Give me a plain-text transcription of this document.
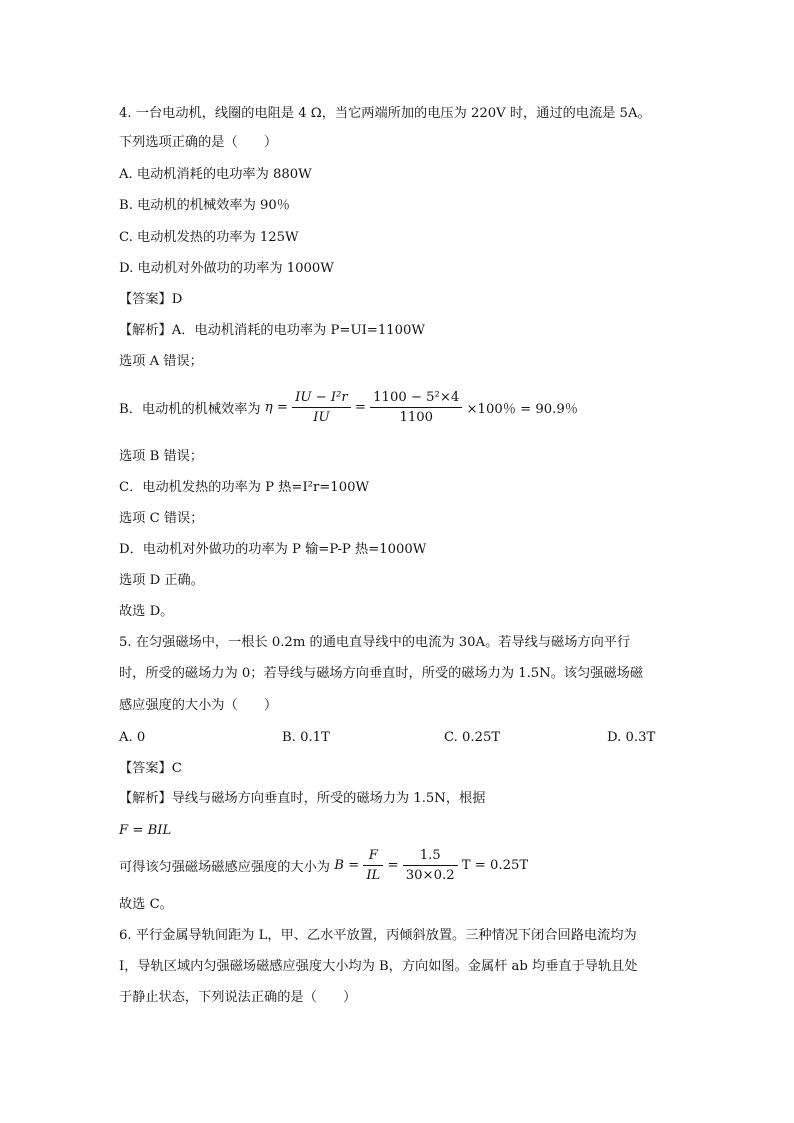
4. 一台电动机，线圈的电阻是 4 Ω，当它两端所加的电压为 220V 时，通过的电流是 5A。
下列选项正确的是（　　）
A. 电动机消耗的电功率为 880W
B. 电动机的机械效率为 90％
C. 电动机发热的功率为 125W
D. 电动机对外做功的功率为 1000W
【答案】D
【解析】A．电动机消耗的电功率为 P=UI=1100W
选项 A 错误；
B．电动机的机械效率为 $\eta = \frac{\text{IU − I²r}}{IU} = \frac{\text{1100 − 5²×4}}{1100} \times 100$％ = 90.9％
选项 B 错误；
C．电动机发热的功率为 P 热=I²r=100W
选项 C 错误；
D．电动机对外做功的功率为 P 输=P-P 热=1000W
选项 D 正确。
故选 D。
5. 在匀强磁场中，一根长 0.2m 的通电直导线中的电流为 30A。若导线与磁场方向平行
时，所受的磁场力为 0；若导线与磁场方向垂直时，所受的磁场力为 1.5N。该匀强磁场磁
感应强度的大小为（　　）
A. 0	B. 0.1T	C. 0.25T	D. 0.3T
【答案】C
【解析】导线与磁场方向垂直时，所受的磁场力为 1.5N，根据
F = BIL
可得该匀强磁场磁感应强度的大小为 $B = \frac{F}{IL} = \frac{1.5}{30\times 0.2}$ T = 0.25T
故选 C。
6. 平行金属导轨间距为 L，甲、乙水平放置，丙倾斜放置。三种情况下闭合回路电流均为
I，导轨区域内匀强磁场磁感应强度大小均为 B，方向如图。金属杆 ab 均垂直于导轨且处
于静止状态，下列说法正确的是（　　）
